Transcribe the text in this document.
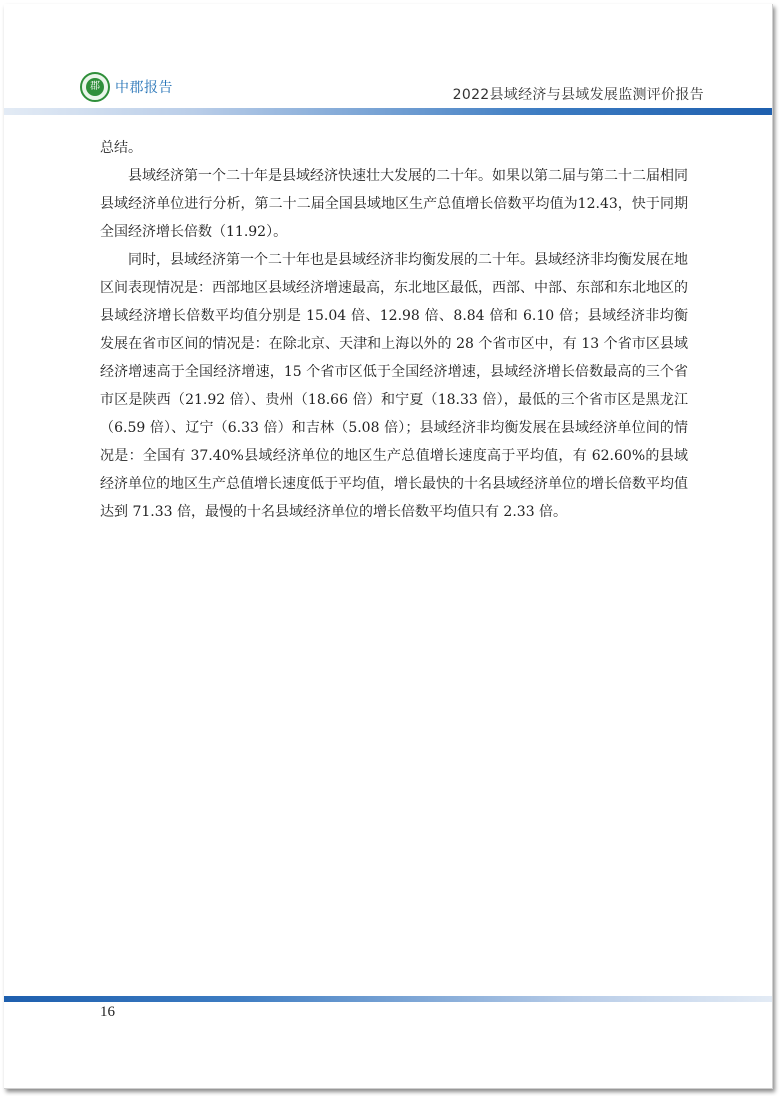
郡 中郡报告	2022县域经济与县域发展监测评价报告

总结。

县域经济第一个二十年是县域经济快速壮大发展的二十年。如果以第二届与第二十二届相同县域经济单位进行分析，第二十二届全国县域地区生产总值增长倍数平均值为12.43，快于同期全国经济增长倍数（11.92）。

同时，县域经济第一个二十年也是县域经济非均衡发展的二十年。县域经济非均衡发展在地区间表现情况是：西部地区县域经济增速最高，东北地区最低，西部、中部、东部和东北地区的县域经济增长倍数平均值分别是 15.04 倍、12.98 倍、8.84 倍和 6.10 倍；县域经济非均衡发展在省市区间的情况是：在除北京、天津和上海以外的 28 个省市区中，有 13 个省市区县域经济增速高于全国经济增速，15 个省市区低于全国经济增速，县域经济增长倍数最高的三个省市区是陕西（21.92 倍）、贵州（18.66 倍）和宁夏（18.33 倍），最低的三个省市区是黑龙江（6.59 倍）、辽宁（6.33 倍）和吉林（5.08 倍）；县域经济非均衡发展在县域经济单位间的情况是：全国有 37.40%县域经济单位的地区生产总值增长速度高于平均值，有 62.60%的县域经济单位的地区生产总值增长速度低于平均值，增长最快的十名县域经济单位的增长倍数平均值达到 71.33 倍，最慢的十名县域经济单位的增长倍数平均值只有 2.33 倍。

16
